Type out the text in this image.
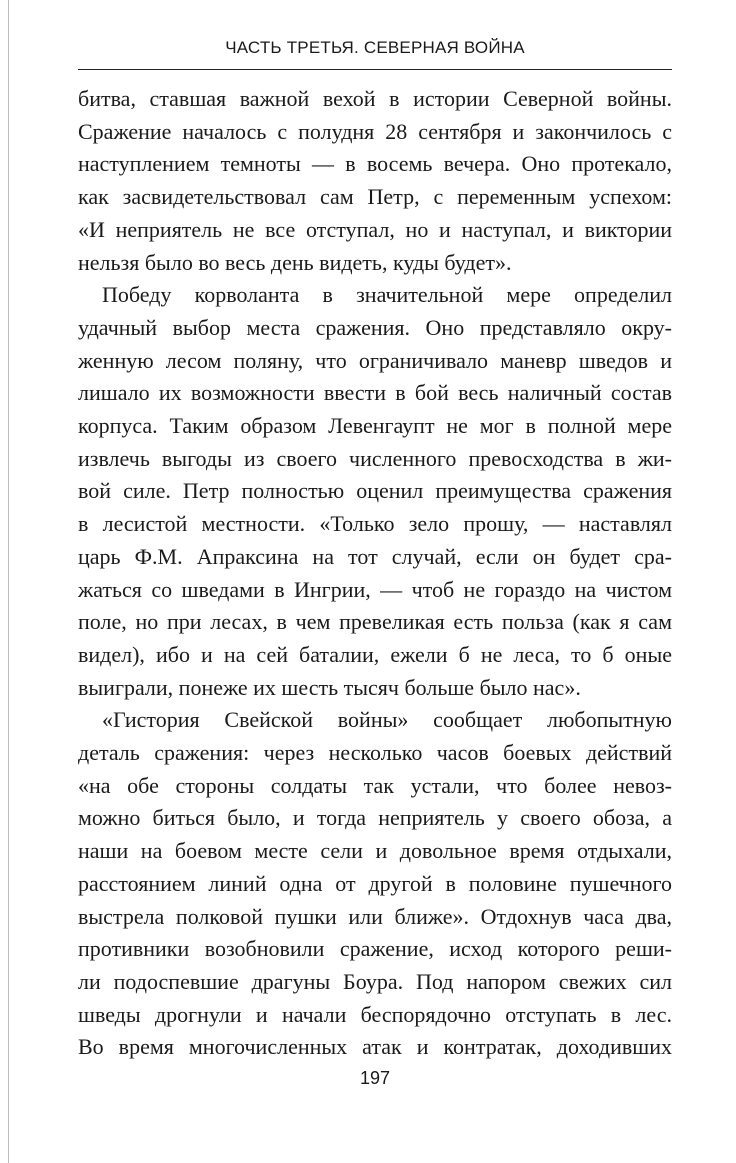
ЧАСТЬ ТРЕТЬЯ. СЕВЕРНАЯ ВОЙНА
битва, ставшая важной вехой в истории Северной войны.
Сражение началось с полудня 28 сентября и закончилось с
наступлением темноты — в восемь вечера. Оно протекало,
как засвидетельствовал сам Петр, с переменным успехом:
«И неприятель не все отступал, но и наступал, и виктории
нельзя было во весь день видеть, куды будет».
Победу корволанта в значительной мере определил
удачный выбор места сражения. Оно представляло окру-
женную лесом поляну, что ограничивало маневр шведов и
лишало их возможности ввести в бой весь наличный состав
корпуса. Таким образом Левенгаупт не мог в полной мере
извлечь выгоды из своего численного превосходства в жи-
вой силе. Петр полностью оценил преимущества сражения
в лесистой местности. «Только зело прошу, — наставлял
царь Ф.М. Апраксина на тот случай, если он будет сра-
жаться со шведами в Ингрии, — чтоб не гораздо на чистом
поле, но при лесах, в чем превеликая есть польза (как я сам
видел), ибо и на сей баталии, ежели б не леса, то б оные
выиграли, понеже их шесть тысяч больше было нас».
«Гистория Свейской войны» сообщает любопытную
деталь сражения: через несколько часов боевых действий
«на обе стороны солдаты так устали, что более невоз-
можно биться было, и тогда неприятель у своего обоза, а
наши на боевом месте сели и довольное время отдыхали,
расстоянием линий одна от другой в половине пушечного
выстрела полковой пушки или ближе». Отдохнув часа два,
противники возобновили сражение, исход которого реши-
ли подоспевшие драгуны Боура. Под напором свежих сил
шведы дрогнули и начали беспорядочно отступать в лес.
Во время многочисленных атак и контратак, доходивших
197
